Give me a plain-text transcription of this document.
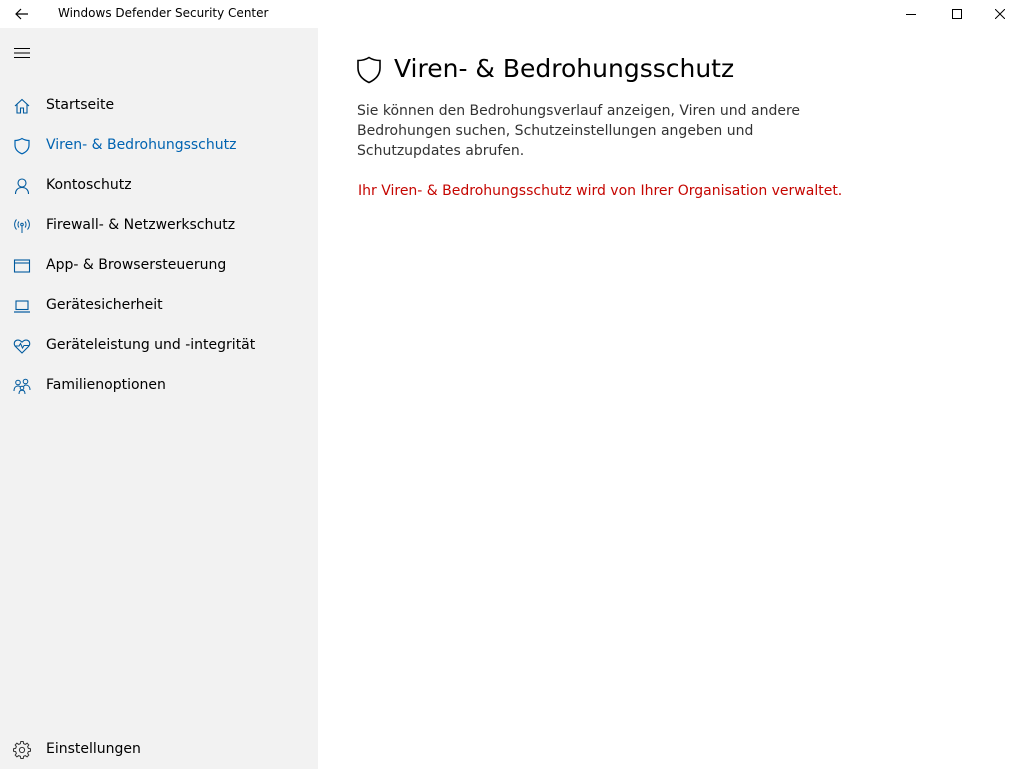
Windows Defender Security Center
Startseite
Viren- & Bedrohungsschutz
Kontoschutz
Firewall- & Netzwerkschutz
App- & Browsersteuerung
Gerätesicherheit
Geräteleistung und -integrität
Familienoptionen
Einstellungen
Viren- & Bedrohungsschutz

Sie können den Bedrohungsverlauf anzeigen, Viren und andere Bedrohungen suchen, Schutzeinstellungen angeben und Schutzupdates abrufen.

Ihr Viren- & Bedrohungsschutz wird von Ihrer Organisation verwaltet.
